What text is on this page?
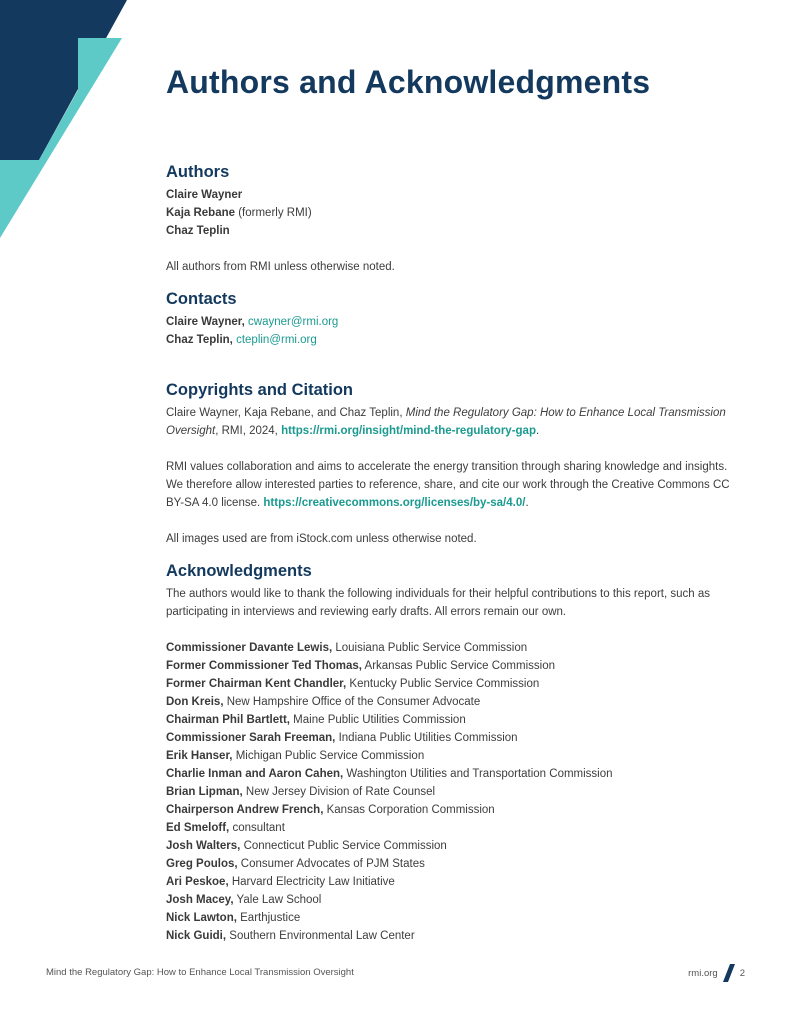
Authors and Acknowledgments
Authors
Claire Wayner
Kaja Rebane (formerly RMI)
Chaz Teplin
All authors from RMI unless otherwise noted.
Contacts
Claire Wayner, cwayner@rmi.org
Chaz Teplin, cteplin@rmi.org
Copyrights and Citation

Claire Wayner, Kaja Rebane, and Chaz Teplin, Mind the Regulatory Gap: How to Enhance Local Transmission Oversight, RMI, 2024, https://rmi.org/insight/mind-the-regulatory-gap.

RMI values collaboration and aims to accelerate the energy transition through sharing knowledge and insights. We therefore allow interested parties to reference, share, and cite our work through the Creative Commons CC BY-SA 4.0 license. https://creativecommons.org/licenses/by-sa/4.0/.

All images used are from iStock.com unless otherwise noted.
Acknowledgments

The authors would like to thank the following individuals for their helpful contributions to this report, such as participating in interviews and reviewing early drafts. All errors remain our own.

Commissioner Davante Lewis, Louisiana Public Service Commission
Former Commissioner Ted Thomas, Arkansas Public Service Commission
Former Chairman Kent Chandler, Kentucky Public Service Commission
Don Kreis, New Hampshire Office of the Consumer Advocate
Chairman Phil Bartlett, Maine Public Utilities Commission
Commissioner Sarah Freeman, Indiana Public Utilities Commission
Erik Hanser, Michigan Public Service Commission
Charlie Inman and Aaron Cahen, Washington Utilities and Transportation Commission
Brian Lipman, New Jersey Division of Rate Counsel
Chairperson Andrew French, Kansas Corporation Commission
Ed Smeloff, consultant
Josh Walters, Connecticut Public Service Commission
Greg Poulos, Consumer Advocates of PJM States
Ari Peskoe, Harvard Electricity Law Initiative
Josh Macey, Yale Law School
Nick Lawton, Earthjustice
Nick Guidi, Southern Environmental Law Center
Mind the Regulatory Gap: How to Enhance Local Transmission Oversight	rmi.org 2
